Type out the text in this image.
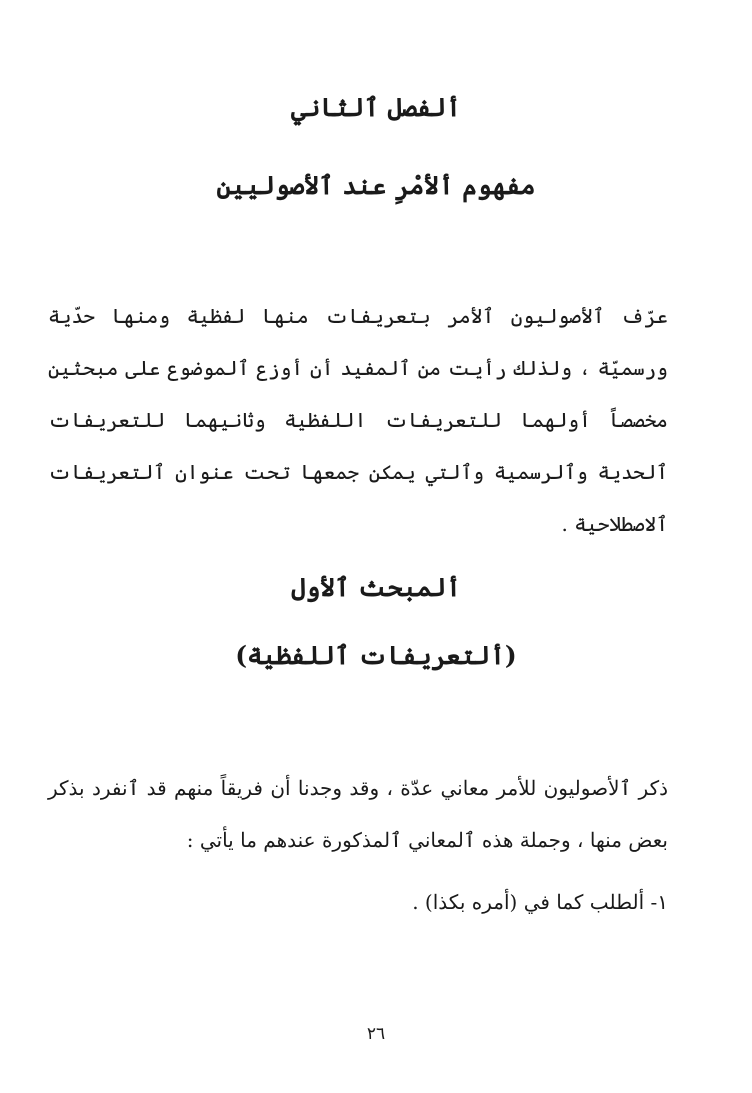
ألفصل ٱلثاني
مفهوم ألأمْرِ عند ٱلأصوليين

عرّف ٱلأصوليون ٱلأمر بتعريفات منها لفظية ومنها حدّية ورسميّة ، ولذلك رأيت من ٱلمفيد أن أوزع ٱلموضوع على مبحثين مخصصاً أولهما للتعريفات اللفظية وثانيهما للتعريفات ٱلحدية وٱلرسمية وٱلتي يمكن جمعها تحت عنوان ٱلتعريفات ٱلاصطلاحية .

ألمبحث ٱلأول
(ألتعريفات ٱللفظية)

ذكر ٱلأصوليون للأمر معاني عدّة ، وقد وجدنا أن فريقاً منهم قد ٱنفرد بذكر بعض منها ، وجملة هذه ٱلمعاني ٱلمذكورة عندهم ما يأتي :

١- ألطلب كما في (أمره بكذا) .

٢٦
